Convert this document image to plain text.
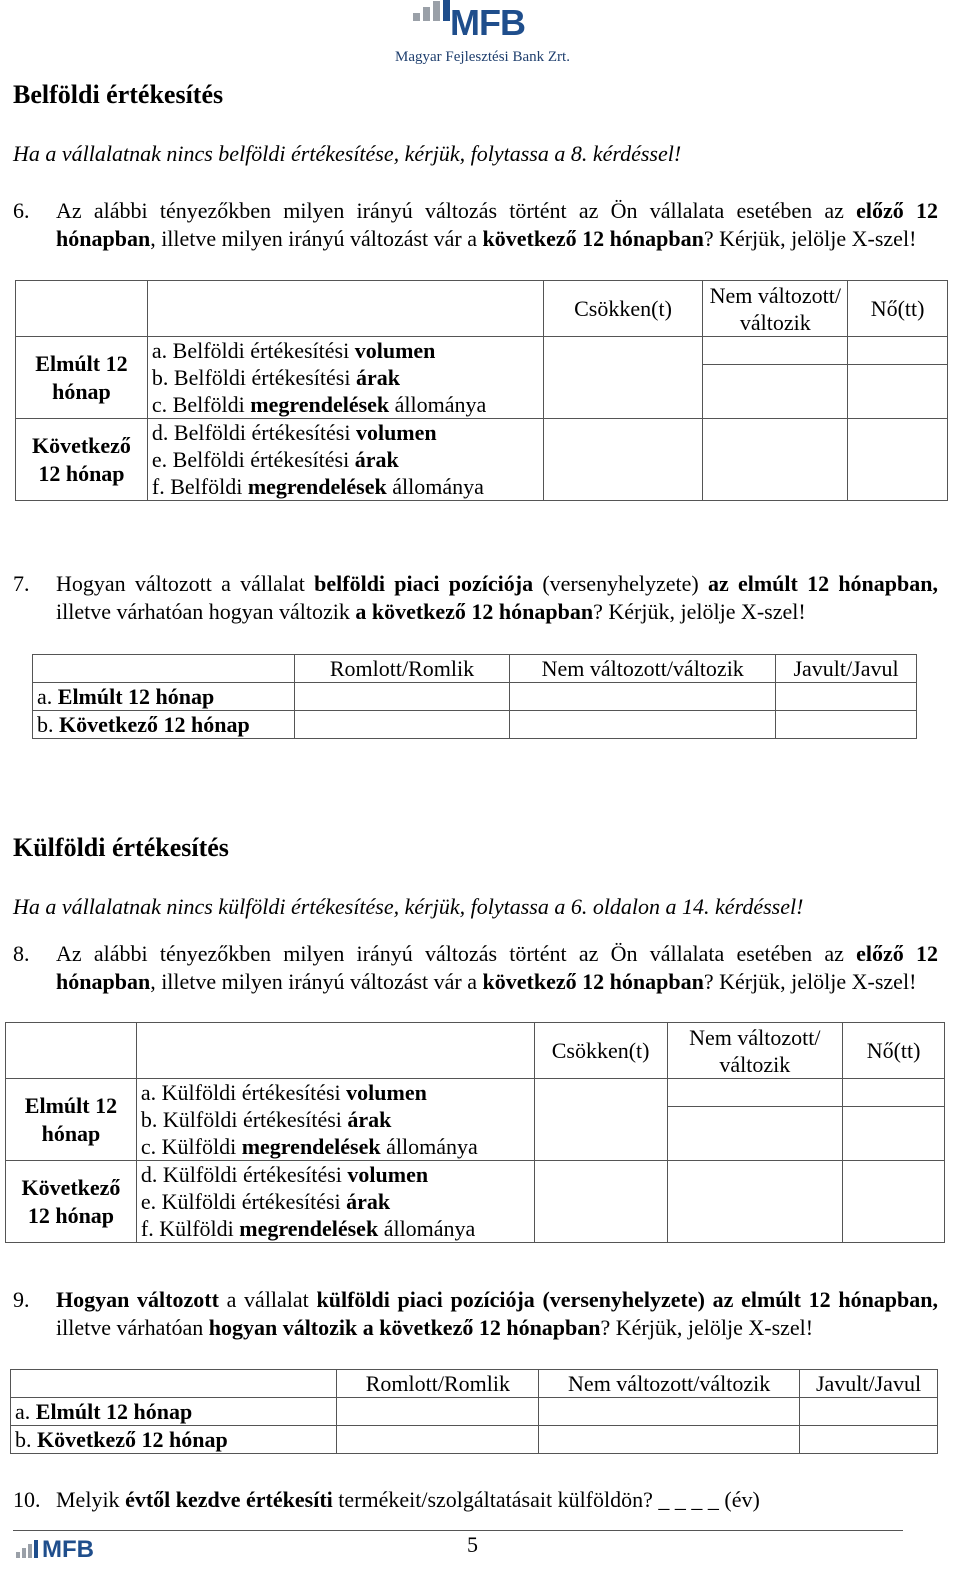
MFB
Magyar Fejlesztési Bank Zrt.
Belföldi értékesítés
Ha a vállalatnak nincs belföldi értékesítése, kérjük, folytassa a 8. kérdéssel!
6. Az alábbi tényezőkben milyen irányú változás történt az Ön vállalata esetében az előző 12 hónapban, illetve milyen irányú változást vár a következő 12 hónapban? Kérjük, jelölje X-szel!
		Csökken(t)	Nem változott/ változik	Nő(tt)
Elmúlt 12 hónap	a. Belföldi értékesítési volumen			
	b. Belföldi értékesítési árak			
	c. Belföldi megrendelések állománya			
Következő 12 hónap	d. Belföldi értékesítési volumen			
	e. Belföldi értékesítési árak			
	f. Belföldi megrendelések állománya			
7. Hogyan változott a vállalat belföldi piaci pozíciója (versenyhelyzete) az elmúlt 12 hónapban, illetve várhatóan hogyan változik a következő 12 hónapban? Kérjük, jelölje X-szel!
	Romlott/Romlik	Nem változott/változik	Javult/Javul
a. Elmúlt 12 hónap			
b. Következő 12 hónap			
Külföldi értékesítés
Ha a vállalatnak nincs külföldi értékesítése, kérjük, folytassa a 6. oldalon a 14. kérdéssel!
8. Az alábbi tényezőkben milyen irányú változás történt az Ön vállalata esetében az előző 12 hónapban, illetve milyen irányú változást vár a következő 12 hónapban? Kérjük, jelölje X-szel!
		Csökken(t)	Nem változott/ változik	Nő(tt)
Elmúlt 12 hónap	a. Külföldi értékesítési volumen			
	b. Külföldi értékesítési árak			
	c. Külföldi megrendelések állománya			
Következő 12 hónap	d. Külföldi értékesítési volumen			
	e. Külföldi értékesítési árak			
	f. Külföldi megrendelések állománya			
9. Hogyan változott a vállalat külföldi piaci pozíciója (versenyhelyzete) az elmúlt 12 hónapban, illetve várhatóan hogyan változik a következő 12 hónapban? Kérjük, jelölje X-szel!
	Romlott/Romlik	Nem változott/változik	Javult/Javul
a. Elmúlt 12 hónap			
b. Következő 12 hónap			
10. Melyik évtől kezdve értékesíti termékeit/szolgáltatásait külföldön? _ _ _ _ (év)
MFB	5
